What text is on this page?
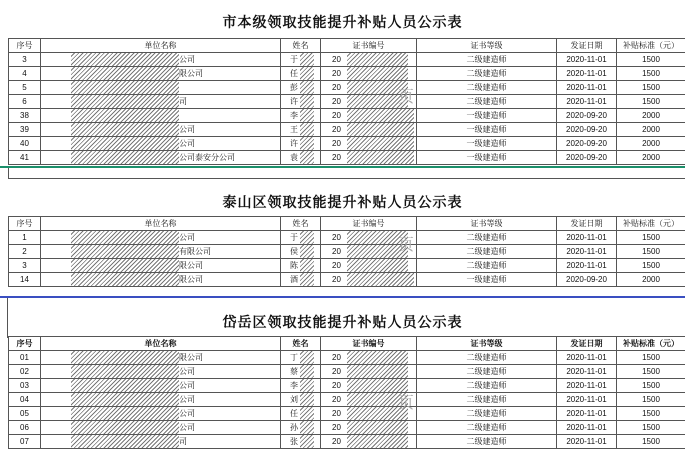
市本级领取技能提升补贴人员公示表
序号	单位名称	姓名	证书编号	证书等级	发证日期	补贴标准（元）
3	公司	于	20	二级建造师	2020-11-01	1500
4	限公司	任	20	二级建造师	2020-11-01	1500
5		彭	20	二级建造师	2020-11-01	1500
6	司	许	20	二级建造师	2020-11-01	1500
38		李	20	一级建造师	2020-09-20	2000
39	公司	王	20	一级建造师	2020-09-20	2000
40	公司	许	20	一级建造师	2020-09-20	2000
41	公司泰安分公司	袁	20	一级建造师	2020-09-20	2000
泰山区领取技能提升补贴人员公示表
序号	单位名称	姓名	证书编号	证书等级	发证日期	补贴标准（元）
1	公司	于	20	二级建造师	2020-11-01	1500
2	有限公司	侯	20	二级建造师	2020-11-01	1500
3	限公司	陈	20	二级建造师	2020-11-01	1500
14	限公司	酒	20	一级建造师	2020-09-20	2000
岱岳区领取技能提升补贴人员公示表
序号	单位名称	姓名	证书编号	证书等级	发证日期	补贴标准（元）
01	限公司	丁	20	二级建造师	2020-11-01	1500
02	公司	蔡	20	二级建造师	2020-11-01	1500
03	公司	李	20	二级建造师	2020-11-01	1500
04	公司	刘	20	二级建造师	2020-11-01	1500
05	公司	任	20	二级建造师	2020-11-01	1500
06	公司	孙	20	二级建造师	2020-11-01	1500
07	司	张	20	二级建造师	2020-11-01	1500
页
页
页
